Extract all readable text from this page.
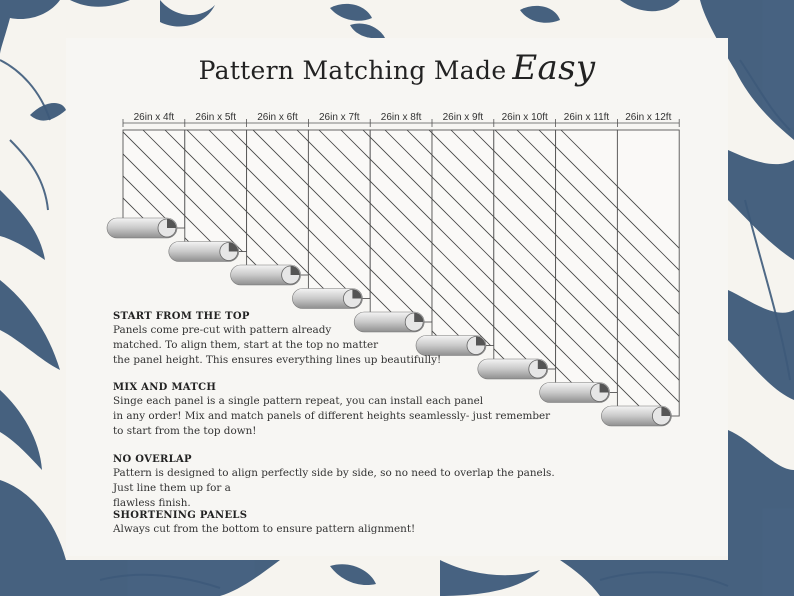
Pattern Matching Made Easy
26in x 4ft 26in x 5ft 26in x 6ft 26in x 7ft 26in x 8ft 26in x 9ft 26in x 10ft 26in x 11ft 26in x 12ft
START FROM THE TOP
Panels come pre-cut with pattern already
matched. To align them, start at the top no matter
the panel height. This ensures everything lines up beautifully!
MIX AND MATCH
Singe each panel is a single pattern repeat, you can install each panel
in any order! Mix and match panels of different heights seamlessly- just remember
to start from the top down!
NO OVERLAP
Pattern is designed to align perfectly side by side, so no need to overlap the panels. Just line them up for a
flawless finish.
SHORTENING PANELS
Always cut from the bottom to ensure pattern alignment!
